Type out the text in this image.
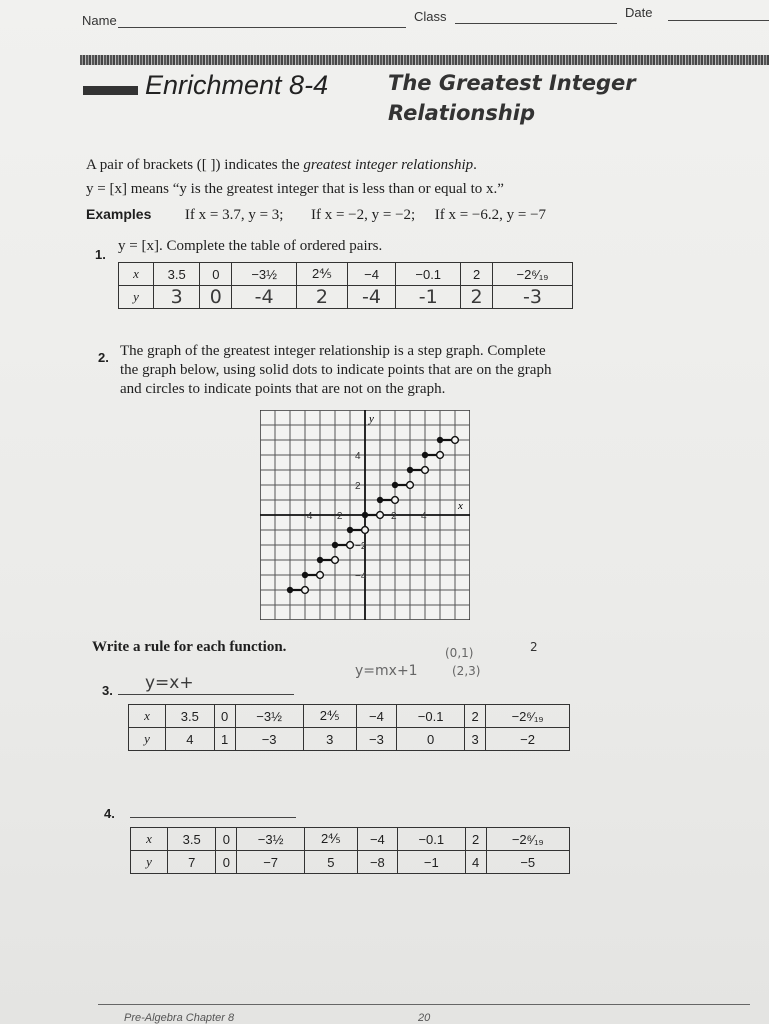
Name	Class	Date
Enrichment 8-4	The Greatest Integer
Relationship
A pair of brackets ([ ]) indicates the greatest integer relationship.
y = [x] means “y is the greatest integer that is less than or equal to x.”
Examples If x = 3.7, y = 3; If x = −2, y = −2; If x = −6.2, y = −7
1.
y = [x]. Complete the table of ordered pairs.
x	3.5	0	−3½	2⅘	−4	−0.1	2	−2⁶⁄₁₉
y	3	0	-4	2	-4	-1	2	-3
2. The graph of the greatest integer relationship is a step graph. Complete
the graph below, using solid dots to indicate points that are on the graph
and circles to indicate points that are not on the graph.
y
x
−4 −2	2 4
4
2
−2
−4
Write a rule for each function.
y=mx+1
(0,1)
(2,3)
2
3. y=x+
x	3.5	0	−3½	2⅘	−4	−0.1	2	−2⁶⁄₁₉
y	4	1	−3	3	−3	0	3	−2
4.
x	3.5	0	−3½	2⅘	−4	−0.1	2	−2⁶⁄₁₉
y	7	0	−7	5	−8	−1	4	−5
Pre-Algebra Chapter 8	20
